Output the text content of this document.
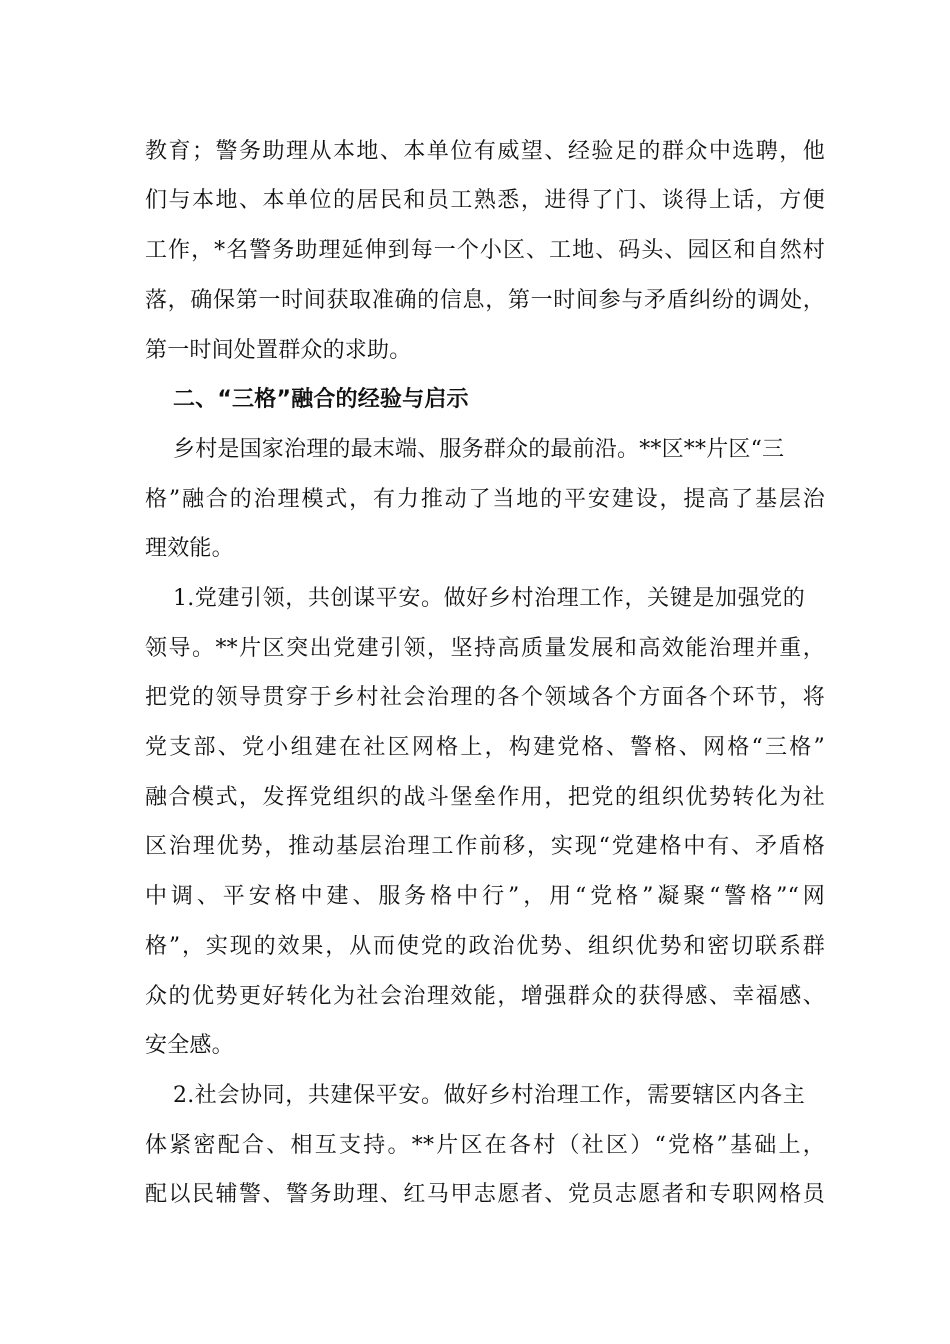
教育；警务助理从本地、本单位有威望、经验足的群众中选聘，他
们与本地、本单位的居民和员工熟悉，进得了门、谈得上话，方便
工作，*名警务助理延伸到每一个小区、工地、码头、园区和自然村
落，确保第一时间获取准确的信息，第一时间参与矛盾纠纷的调处，
第一时间处置群众的求助。
二、“三格”融合的经验与启示
乡村是国家治理的最末端、服务群众的最前沿。**区**片区“三
格”融合的治理模式，有力推动了当地的平安建设，提高了基层治
理效能。
1.党建引领，共创谋平安。做好乡村治理工作，关键是加强党的
领导。**片区突出党建引领，坚持高质量发展和高效能治理并重，
把党的领导贯穿于乡村社会治理的各个领域各个方面各个环节，将
党支部、党小组建在社区网格上，构建党格、警格、网格“三格”
融合模式，发挥党组织的战斗堡垒作用，把党的组织优势转化为社
区治理优势，推动基层治理工作前移，实现“党建格中有、矛盾格
中调、平安格中建、服务格中行”，用“党格”凝聚“警格”“网
格”，实现的效果，从而使党的政治优势、组织优势和密切联系群
众的优势更好转化为社会治理效能，增强群众的获得感、幸福感、
安全感。
2.社会协同，共建保平安。做好乡村治理工作，需要辖区内各主
体紧密配合、相互支持。**片区在各村（社区）“党格”基础上，
配以民辅警、警务助理、红马甲志愿者、党员志愿者和专职网格员
